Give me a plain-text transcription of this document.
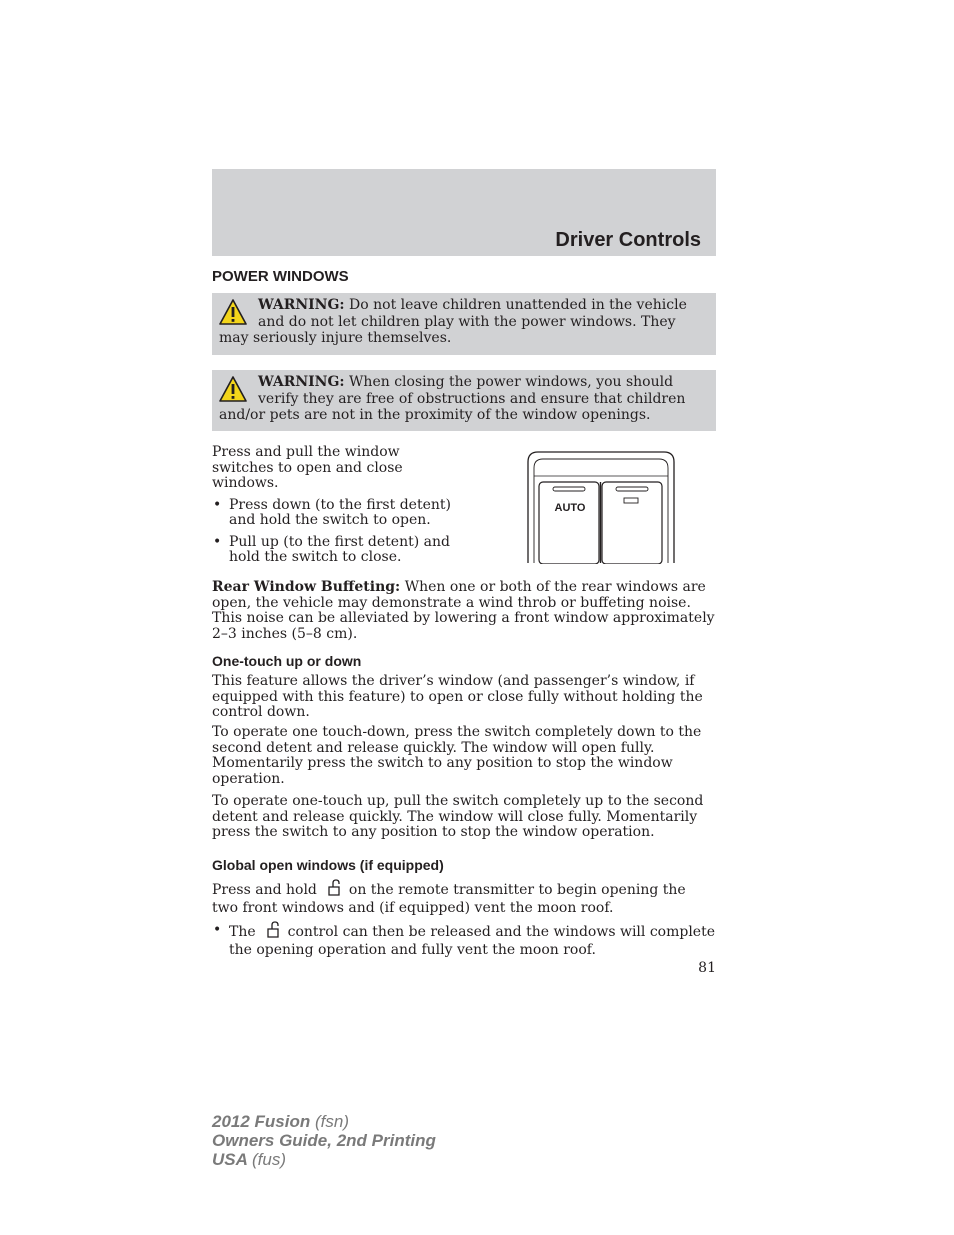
Driver Controls
POWER WINDOWS
WARNING: Do not leave children unattended in the vehicle and do not let children play with the power windows. They may seriously injure themselves.
WARNING: When closing the power windows, you should verify they are free of obstructions and ensure that children and/or pets are not in the proximity of the window openings.
Press and pull the window switches to open and close windows.
• Press down (to the first detent) and hold the switch to open.
• Pull up (to the first detent) and hold the switch to close.
AUTO
Rear Window Buffeting: When one or both of the rear windows are open, the vehicle may demonstrate a wind throb or buffeting noise. This noise can be alleviated by lowering a front window approximately 2–3 inches (5–8 cm).
One-touch up or down
This feature allows the driver’s window (and passenger’s window, if equipped with this feature) to open or close fully without holding the control down.
To operate one touch-down, press the switch completely down to the second detent and release quickly. The window will open fully. Momentarily press the switch to any position to stop the window operation.
To operate one-touch up, pull the switch completely up to the second detent and release quickly. The window will close fully. Momentarily press the switch to any position to stop the window operation.
Global open windows (if equipped)
Press and hold on the remote transmitter to begin opening the two front windows and (if equipped) vent the moon roof.
• The control can then be released and the windows will complete the opening operation and fully vent the moon roof.
81
2012 Fusion (fsn)
Owners Guide, 2nd Printing
USA (fus)
